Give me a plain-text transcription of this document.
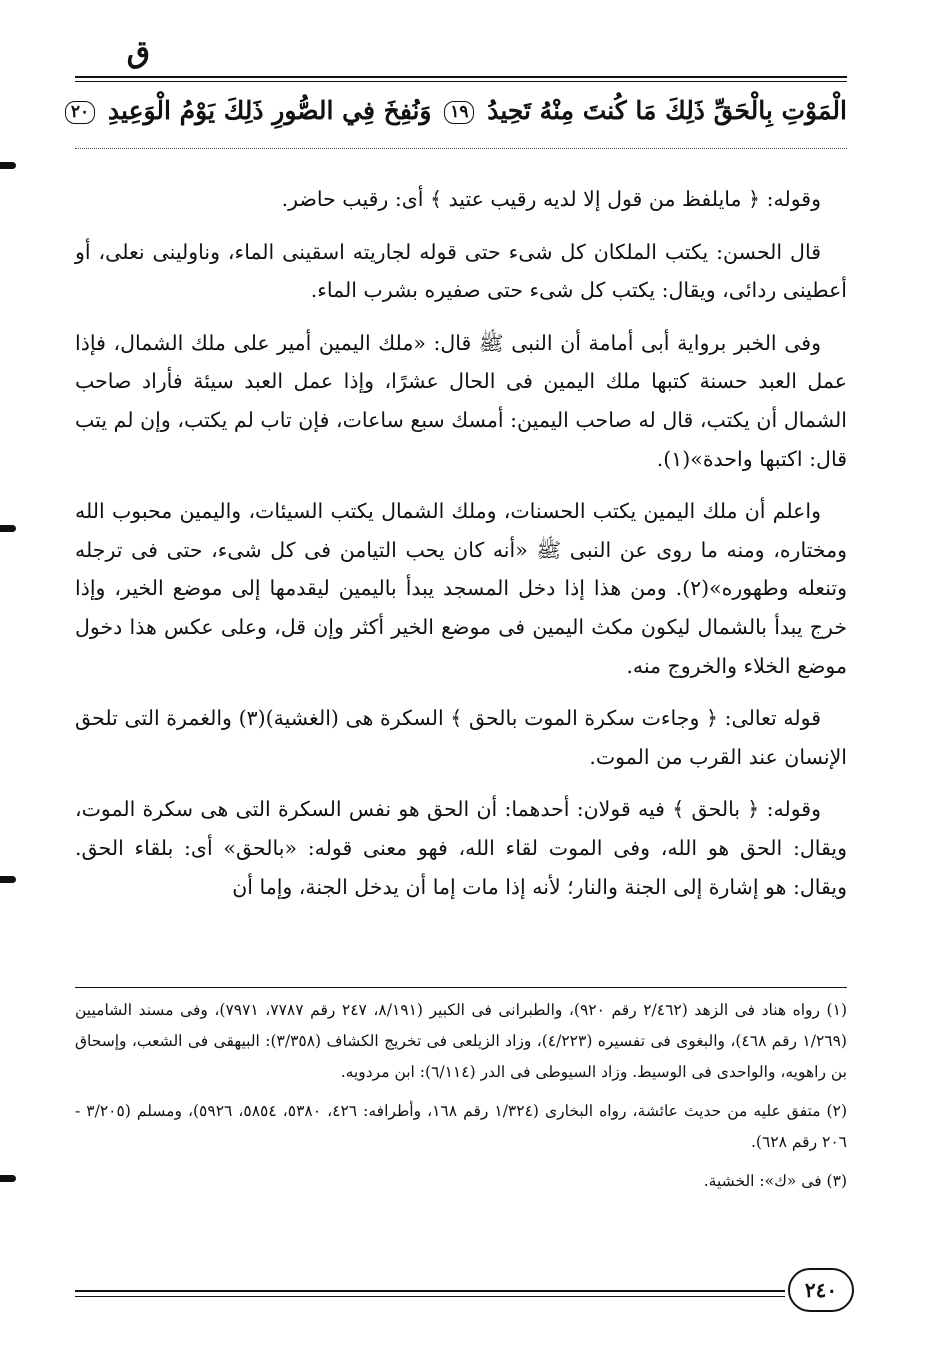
ق
الْمَوْتِ بِالْحَقِّ ذَلِكَ مَا كُنتَ مِنْهُ تَحِيدُ ١٩ وَنُفِخَ فِي الصُّورِ ذَلِكَ يَوْمُ الْوَعِيدِ ٢٠

وقوله: ﴿ مايلفظ من قول إلا لديه رقيب عتيد ﴾ أى: رقيب حاضر.

قال الحسن: يكتب الملكان كل شىء حتى قوله لجاريته اسقينى الماء، وناولينى نعلى، أو أعطينى ردائى، ويقال: يكتب كل شىء حتى صفيره بشرب الماء.

وفى الخبر برواية أبى أمامة أن النبى ﷺ قال: «ملك اليمين أمير على ملك الشمال، فإذا عمل العبد حسنة كتبها ملك اليمين فى الحال عشرًا، وإذا عمل العبد سيئة فأراد صاحب الشمال أن يكتب، قال له صاحب اليمين: أمسك سبع ساعات، فإن تاب لم يكتب، وإن لم يتب قال: اكتبها واحدة»(١).

واعلم أن ملك اليمين يكتب الحسنات، وملك الشمال يكتب السيئات، واليمين محبوب الله ومختاره، ومنه ما روى عن النبى ﷺ «أنه كان يحب التيامن فى كل شىء، حتى فى ترجله وتنعله وطهوره»(٢). ومن هذا إذا دخل المسجد يبدأ باليمين ليقدمها إلى موضع الخير، وإذا خرج يبدأ بالشمال ليكون مكث اليمين فى موضع الخير أكثر وإن قل، وعلى عكس هذا دخول موضع الخلاء والخروج منه.

قوله تعالى: ﴿ وجاءت سكرة الموت بالحق ﴾ السكرة هى (الغشية)(٣) والغمرة التى تلحق الإنسان عند القرب من الموت.

وقوله: ﴿ بالحق ﴾ فيه قولان: أحدهما: أن الحق هو نفس السكرة التى هى سكرة الموت، ويقال: الحق هو الله، وفى الموت لقاء الله، فهو معنى قوله: «بالحق» أى: بلقاء الحق. ويقال: هو إشارة إلى الجنة والنار؛ لأنه إذا مات إما أن يدخل الجنة، وإما أن

(١) رواه هناد فى الزهد (٢/٤٦٢ رقم ٩٢٠)، والطبرانى فى الكبير (٨/١٩١، ٢٤٧ رقم ٧٧٨٧، ٧٩٧١)، وفى مسند الشاميين (١/٢٦٩ رقم ٤٦٨)، والبغوى فى تفسيره (٤/٢٢٣)، وزاد الزيلعى فى تخريج الكشاف (٣/٣٥٨): البيهقى فى الشعب، وإسحاق بن راهويه، والواحدى فى الوسيط. وزاد السيوطى فى الدر (٦/١١٤): ابن مردويه.

(٢) متفق عليه من حديث عائشة، رواه البخارى (١/٣٢٤ رقم ١٦٨، وأطرافه: ٤٢٦، ٥٣٨٠، ٥٨٥٤، ٥٩٢٦)، ومسلم (٣/٢٠٥ - ٢٠٦ رقم ٦٢٨).

(٣) فى «ك»: الخشية.

٢٤٠
